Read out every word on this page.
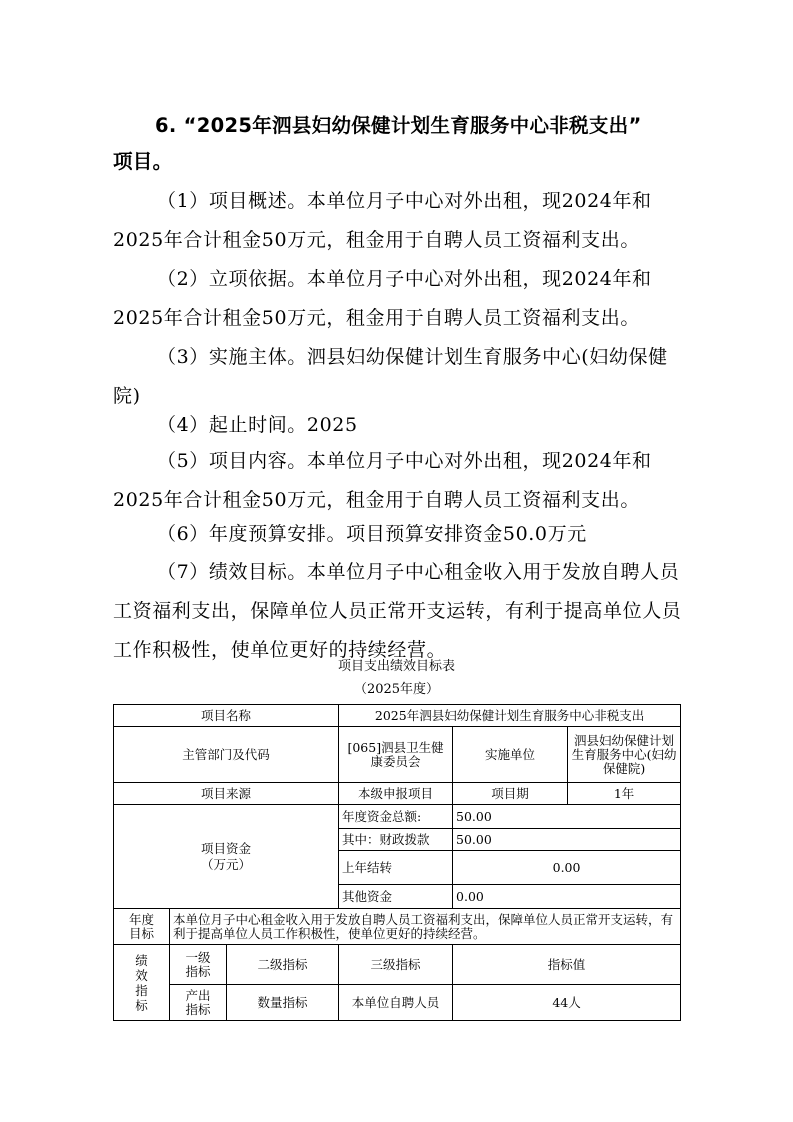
6. “2025年泗县妇幼保健计划生育服务中心非税支出”
项目。
（1）项目概述。本单位月子中心对外出租，现2024年和2025年合计租金50万元，租金用于自聘人员工资福利支出。
（2）立项依据。本单位月子中心对外出租，现2024年和2025年合计租金50万元，租金用于自聘人员工资福利支出。
（3）实施主体。泗县妇幼保健计划生育服务中心(妇幼保健院)
（4）起止时间。2025
（5）项目内容。本单位月子中心对外出租，现2024年和2025年合计租金50万元，租金用于自聘人员工资福利支出。
（6）年度预算安排。项目预算安排资金50.0万元
（7）绩效目标。本单位月子中心租金收入用于发放自聘人员工资福利支出，保障单位人员正常开支运转，有利于提高单位人员工作积极性，使单位更好的持续经营。
项目支出绩效目标表
（2025年度）
项目名称			2025年泗县妇幼保健计划生育服务中心非税支出		
主管部门及代码			[065]泗县卫生健康委员会	实施单位	泗县妇幼保健计划生育服务中心(妇幼保健院)
项目来源			本级申报项目	项目期	1年

项目资金（万元）			年度资金总额:	50.00	
			其中：财政拨款	50.00	
			上年结转	0.00	
			其他资金	0.00	

年度目标	本单位月子中心租金收入用于发放自聘人员工资福利支出，保障单位人员正常开支运转，有利于提高单位人员工作积极性，使单位更好的持续经营。				

绩效指标	一级指标	二级指标	三级指标	指标值	

	产出指标	数量指标	本单位自聘人员	44人	
